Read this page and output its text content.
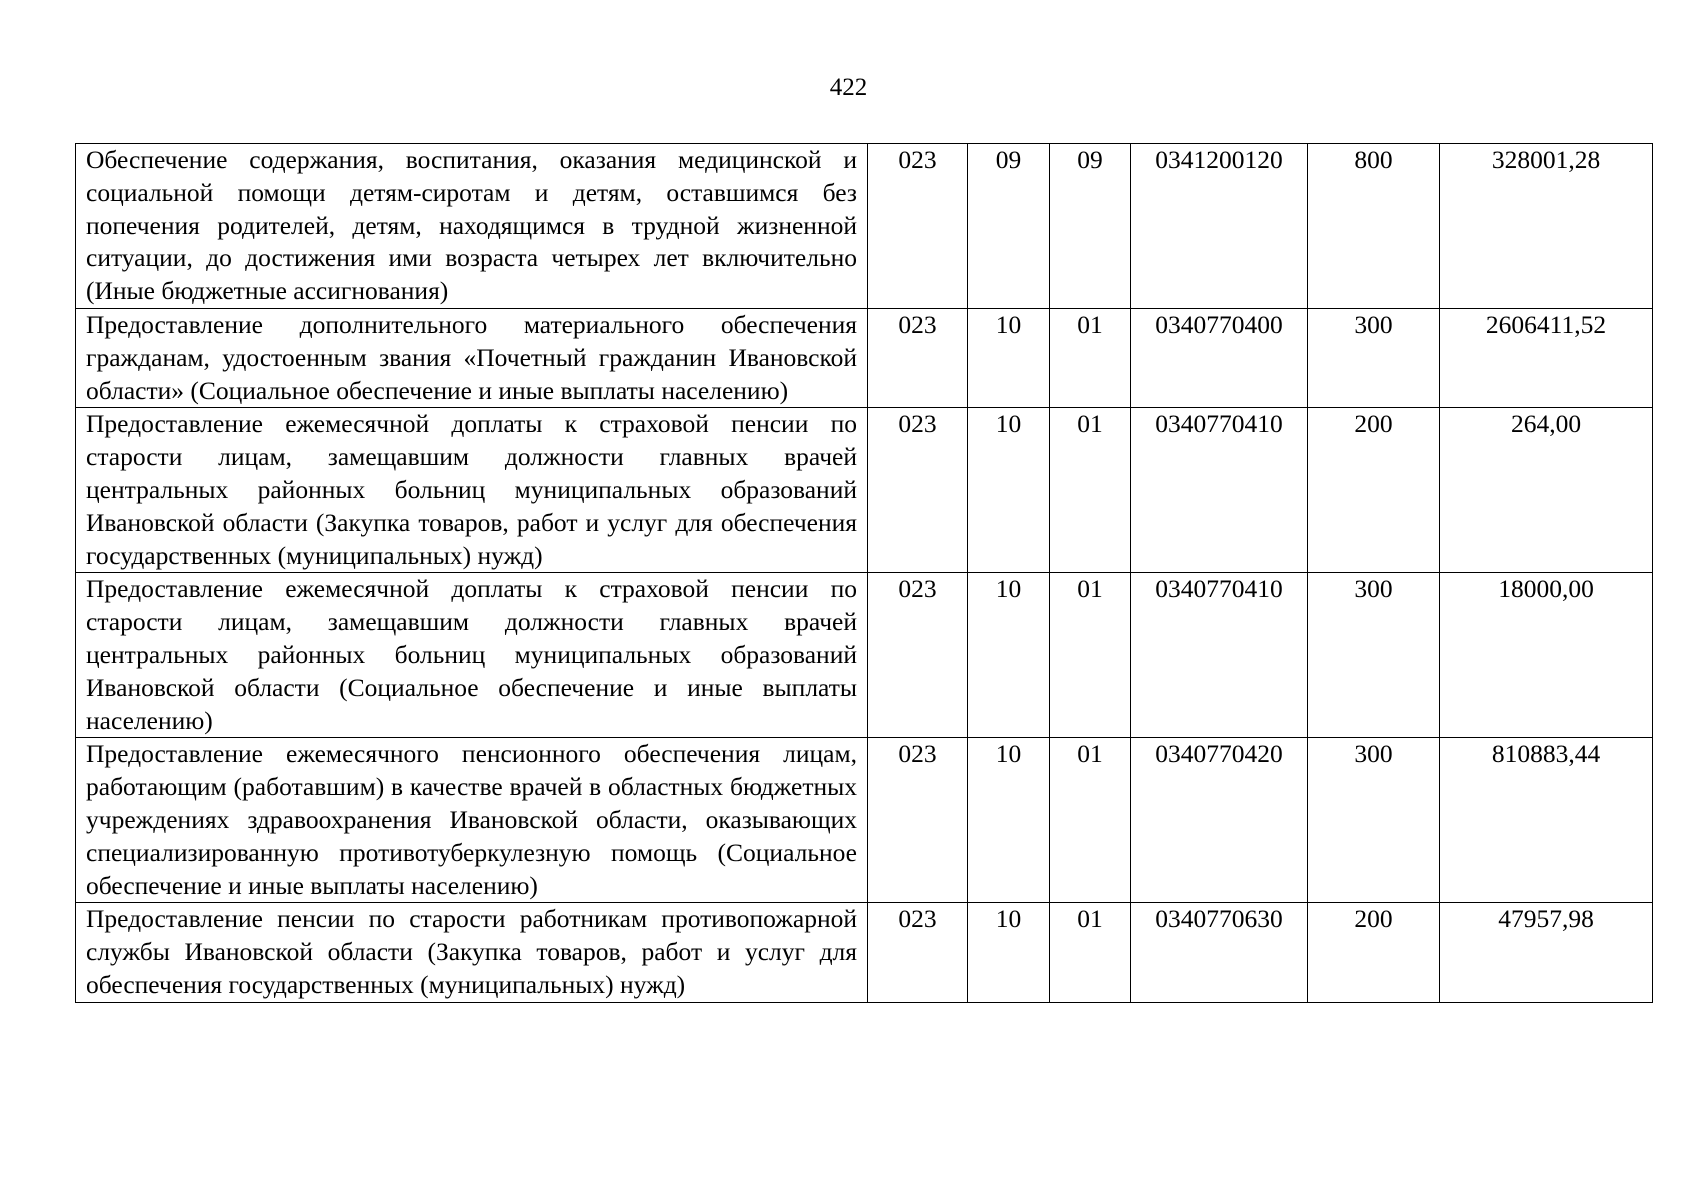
422
Обеспечение содержания, воспитания, оказания медицинской и социальной помощи детям-сиротам и детям, оставшимся без попечения родителей, детям, находящимся в трудной жизненной ситуации, до достижения ими возраста четырех лет включительно (Иные бюджетные ассигнования)	023	09	09	0341200120	800	328001,28
Предоставление дополнительного материального обеспечения гражданам, удостоенным звания «Почетный гражданин Ивановской области» (Социальное обеспечение и иные выплаты населению)	023	10	01	0340770400	300	2606411,52
Предоставление ежемесячной доплаты к страховой пенсии по старости лицам, замещавшим должности главных врачей центральных районных больниц муниципальных образований Ивановской области (Закупка товаров, работ и услуг для обеспечения государственных (муниципальных) нужд)	023	10	01	0340770410	200	264,00
Предоставление ежемесячной доплаты к страховой пенсии по старости лицам, замещавшим должности главных врачей центральных районных больниц муниципальных образований Ивановской области (Социальное обеспечение и иные выплаты населению)	023	10	01	0340770410	300	18000,00
Предоставление ежемесячного пенсионного обеспечения лицам, работающим (работавшим) в качестве врачей в областных бюджетных учреждениях здравоохранения Ивановской области, оказывающих специализированную противотуберкулезную помощь (Социальное обеспечение и иные выплаты населению)	023	10	01	0340770420	300	810883,44
Предоставление пенсии по старости работникам противопожарной службы Ивановской области (Закупка товаров, работ и услуг для обеспечения государственных (муниципальных) нужд)	023	10	01	0340770630	200	47957,98
